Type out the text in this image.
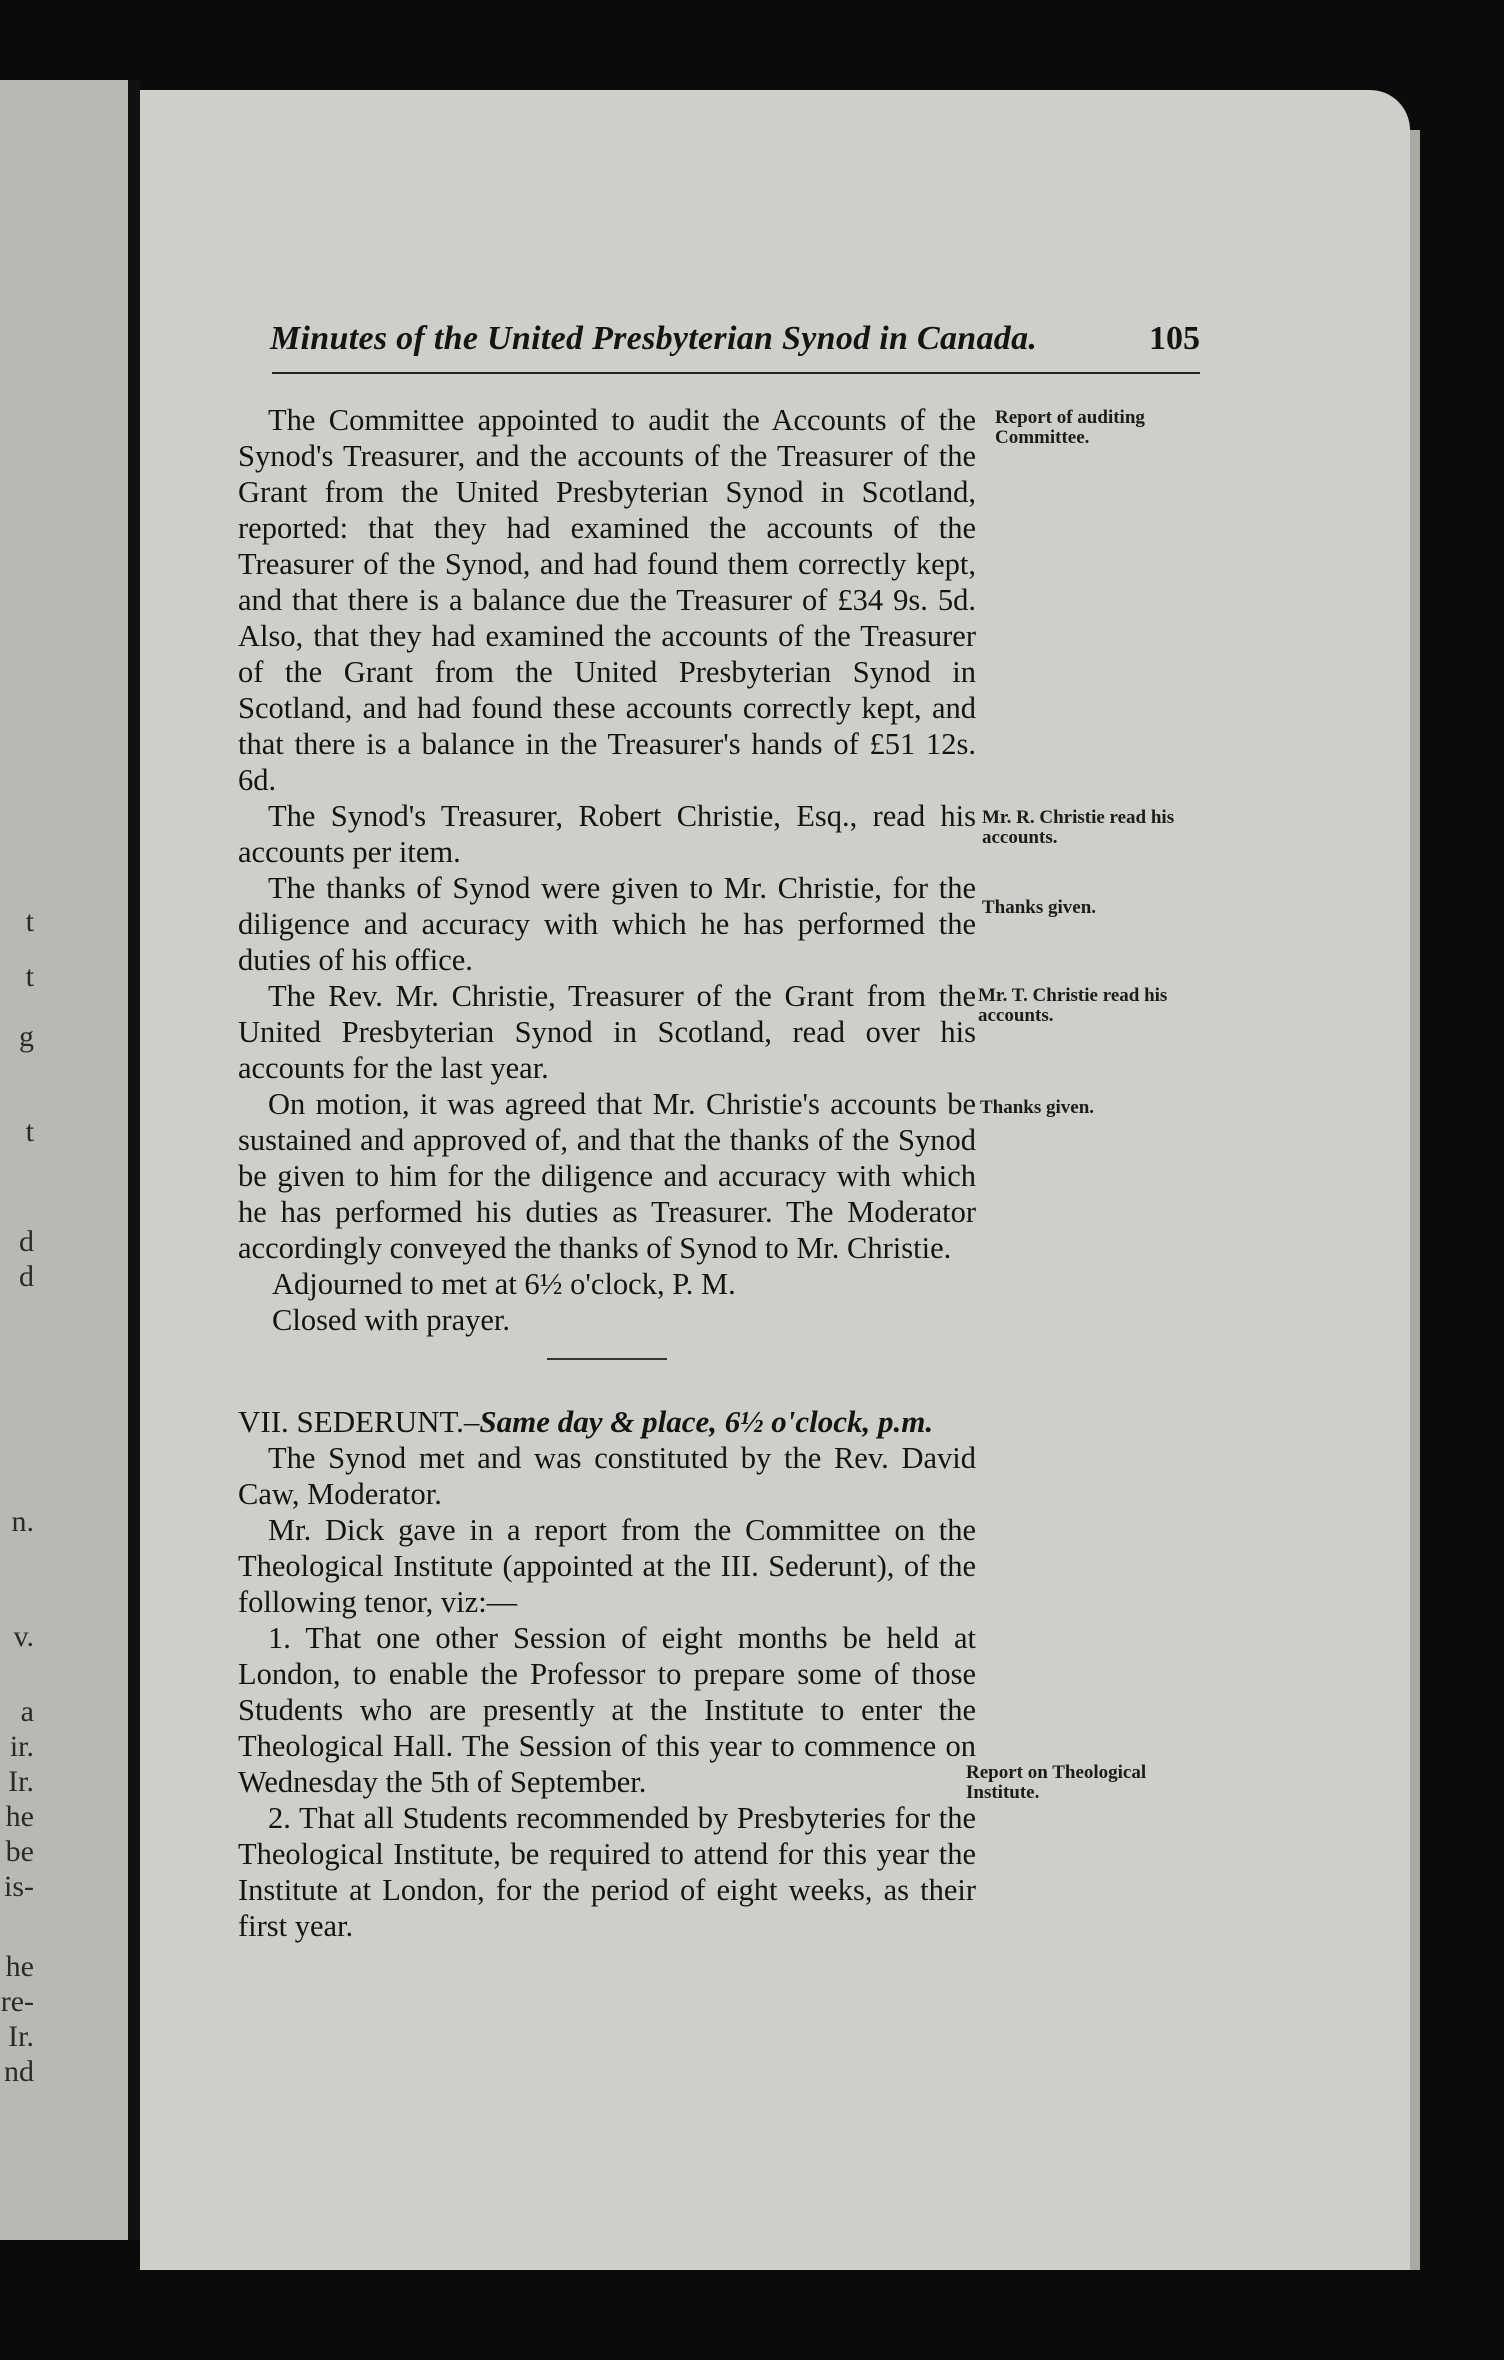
t
t
g
t
d
d
n.
v.
a
ir.
Ir.
he
be
is-
he
re-
Ir.
nd
Minutes of the United Presbyterian Synod in Canada.	105

The Committee appointed to audit the Accounts of the Synod's Treasurer, and the accounts of the Treasurer of the Grant from the United Presbyterian Synod in Scotland, reported: that they had examined the accounts of the Treasurer of the Synod, and had found them correctly kept, and that there is a balance due the Treasurer of £34 9s. 5d. Also, that they had examined the accounts of the Treasurer of the Grant from the United Presbyterian Synod in Scotland, and had found these accounts correctly kept, and that there is a balance in the Treasurer's hands of £51 12s. 6d.

The Synod's Treasurer, Robert Christie, Esq., read his accounts per item.

The thanks of Synod were given to Mr. Christie, for the diligence and accuracy with which he has performed the duties of his office.

The Rev. Mr. Christie, Treasurer of the Grant from the United Presbyterian Synod in Scotland, read over his accounts for the last year.

On motion, it was agreed that Mr. Christie's accounts be sustained and approved of, and that the thanks of the Synod be given to him for the diligence and accuracy with which he has performed his duties as Treasurer. The Moderator accordingly conveyed the thanks of Synod to Mr. Christie.

Adjourned to met at 6½ o'clock, P. M.

Closed with prayer.

VII. SEDERUNT.–Same day & place, 6½ o'clock, p.m.

The Synod met and was constituted by the Rev. David Caw, Moderator.

Mr. Dick gave in a report from the Committee on the Theological Institute (appointed at the III. Sederunt), of the following tenor, viz:—

1. That one other Session of eight months be held at London, to enable the Professor to prepare some of those Students who are presently at the Institute to enter the Theological Hall. The Session of this year to commence on Wednesday the 5th of September.

2. That all Students recommended by Presbyteries for the Theological Institute, be required to attend for this year the Institute at London, for the period of eight weeks, as their first year.

Report of auditing Committee.
Mr. R. Christie read his accounts.
Thanks given.
Mr. T. Christie read his accounts.
Thanks given.
Report on Theological Institute.
